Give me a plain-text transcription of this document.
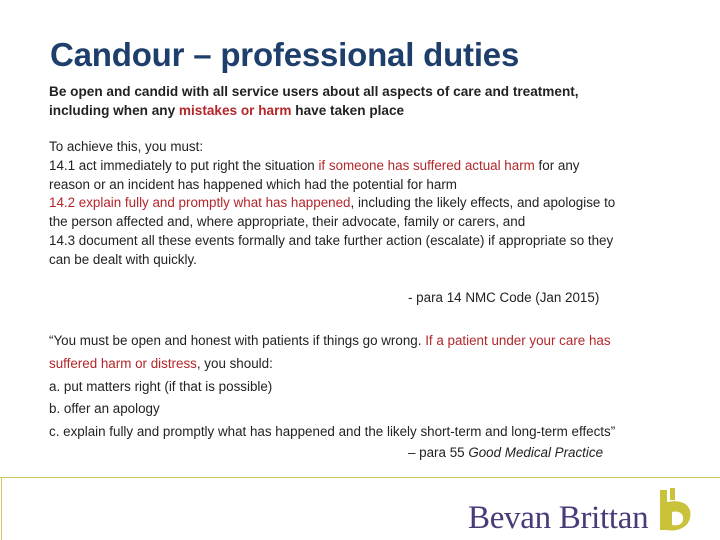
Candour – professional duties
Be open and candid with all service users about all aspects of care and treatment,
including when any mistakes or harm have taken place
To achieve this, you must:
14.1 act immediately to put right the situation if someone has suffered actual harm for any
reason or an incident has happened which had the potential for harm
14.2 explain fully and promptly what has happened, including the likely effects, and apologise to
the person affected and, where appropriate, their advocate, family or carers, and
14.3 document all these events formally and take further action (escalate) if appropriate so they
can be dealt with quickly.
- para 14 NMC Code (Jan 2015)
“You must be open and honest with patients if things go wrong. If a patient under your care has
suffered harm or distress, you should:
a. put matters right (if that is possible)
b. offer an apology
c. explain fully and promptly what has happened and the likely short-term and long-term effects”
– para 55 Good Medical Practice
Bevan Brittan
